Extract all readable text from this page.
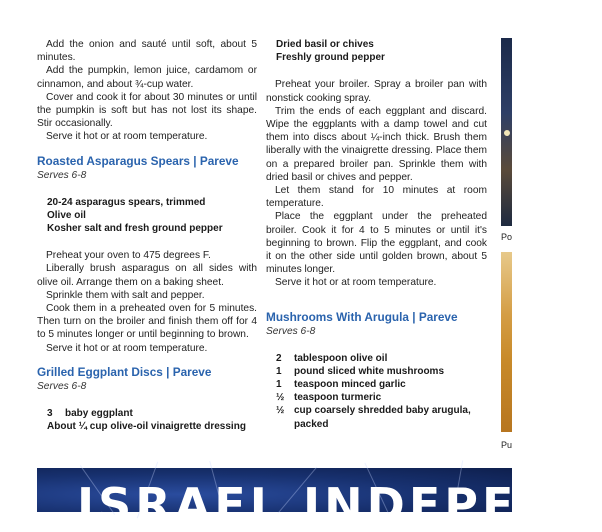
Add the onion and sauté until soft, about 5 minutes.

Add the pumpkin, lemon juice, cardamom or cinnamon, and about ¾-cup water.

Cover and cook it for about 30 minutes or until the pumpkin is soft but has not lost its shape. Stir occasionally.

Serve it hot or at room temperature.

Roasted Asparagus Spears | Pareve
Serves 6-8
20-24 asparagus spears, trimmed
Olive oil
Kosher salt and fresh ground pepper

Preheat your oven to 475 degrees F.

Liberally brush asparagus on all sides with olive oil. Arrange them on a baking sheet.

Sprinkle them with salt and pepper.

Cook them in a preheated oven for 5 minutes. Then turn on the broiler and finish them off for 4 to 5 minutes longer or until beginning to brown.

Serve it hot or at room temperature.

Grilled Eggplant Discs | Pareve
Serves 6-8
3	baby eggplant
About ¼ cup olive-oil vinaigrette dressing
Dried basil or chives
Freshly ground pepper

Preheat your broiler. Spray a broiler pan with nonstick cooking spray.

Trim the ends of each eggplant and discard. Wipe the eggplants with a damp towel and cut them into discs about ¼-inch thick. Brush them liberally with the vinaigrette dressing. Place them on a prepared broiler pan. Sprinkle them with dried basil or chives and pepper.

Let them stand for 10 minutes at room temperature.

Place the eggplant under the preheated broiler. Cook it for 4 to 5 minutes or until it's beginning to brown. Flip the eggplant, and cook it on the other side until golden brown, about 5 minutes longer.

Serve it hot or at room temperature.

Mushrooms With Arugula | Pareve
Serves 6-8
2	tablespoon olive oil
1	pound sliced white mushrooms
1	teaspoon minced garlic
½ teaspoon turmeric
½ cup coarsely shredded baby arugula, packed
Po
Pu
ISRAEL INDEPEND
